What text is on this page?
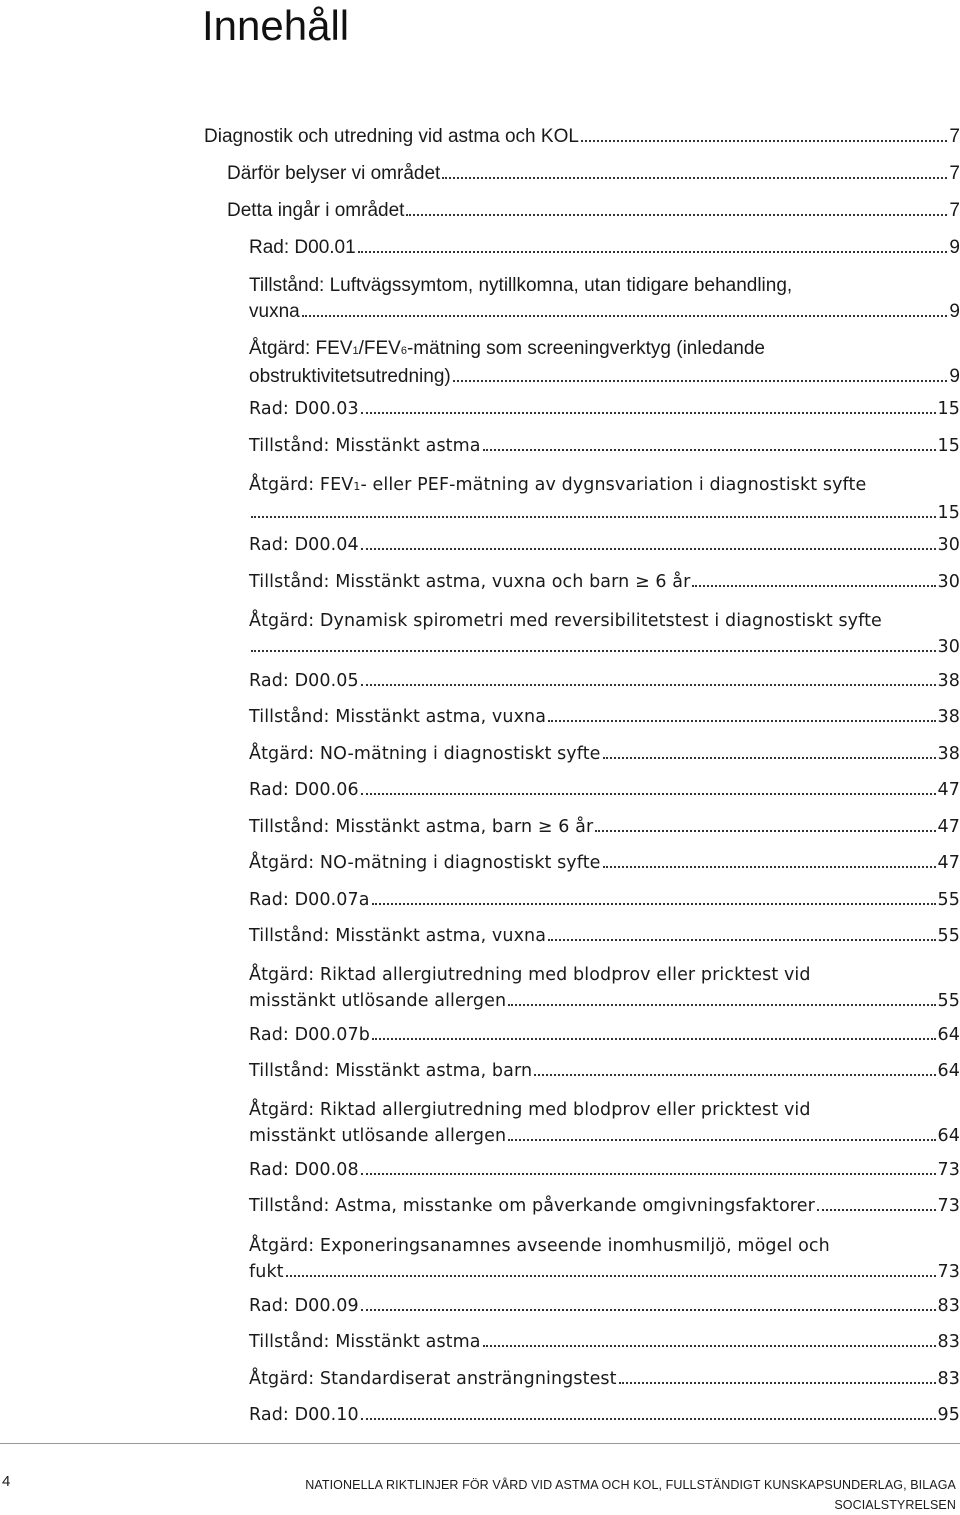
Innehåll
Diagnostik och utredning vid astma och KOL	7
Därför belyser vi området	7
Detta ingår i området	7
Rad: D00.01	9
Tillstånd: Luftvägssymtom, nytillkomna, utan tidigare behandling,
vuxna	9
Åtgärd: FEV1/FEV6-mätning som screeningverktyg (inledande
obstruktivitetsutredning)	9
Rad: D00.03	15
Tillstånd: Misstänkt astma	15
Åtgärd: FEV1- eller PEF-mätning av dygnsvariation i diagnostiskt syfte
15
Rad: D00.04	30
Tillstånd: Misstänkt astma, vuxna och barn ≥ 6 år	30
Åtgärd: Dynamisk spirometri med reversibilitetstest i diagnostiskt syfte
30
Rad: D00.05	38
Tillstånd: Misstänkt astma, vuxna	38
Åtgärd: NO-mätning i diagnostiskt syfte	38
Rad: D00.06	47
Tillstånd: Misstänkt astma, barn ≥ 6 år	47
Åtgärd: NO-mätning i diagnostiskt syfte	47
Rad: D00.07a	55
Tillstånd: Misstänkt astma, vuxna	55
Åtgärd: Riktad allergiutredning med blodprov eller pricktest vid
misstänkt utlösande allergen	55
Rad: D00.07b	64
Tillstånd: Misstänkt astma, barn	64
Åtgärd: Riktad allergiutredning med blodprov eller pricktest vid
misstänkt utlösande allergen	64
Rad: D00.08	73
Tillstånd: Astma, misstanke om påverkande omgivningsfaktorer	73
Åtgärd: Exponeringsanamnes avseende inomhusmiljö, mögel och
fukt	73
Rad: D00.09	83
Tillstånd: Misstänkt astma	83
Åtgärd: Standardiserat ansträngningstest	83
Rad: D00.10	95
4	NATIONELLA RIKTLINJER FÖR VÅRD VID ASTMA OCH KOL, FULLSTÄNDIGT KUNSKAPSUNDERLAG, BILAGA
SOCIALSTYRELSEN
